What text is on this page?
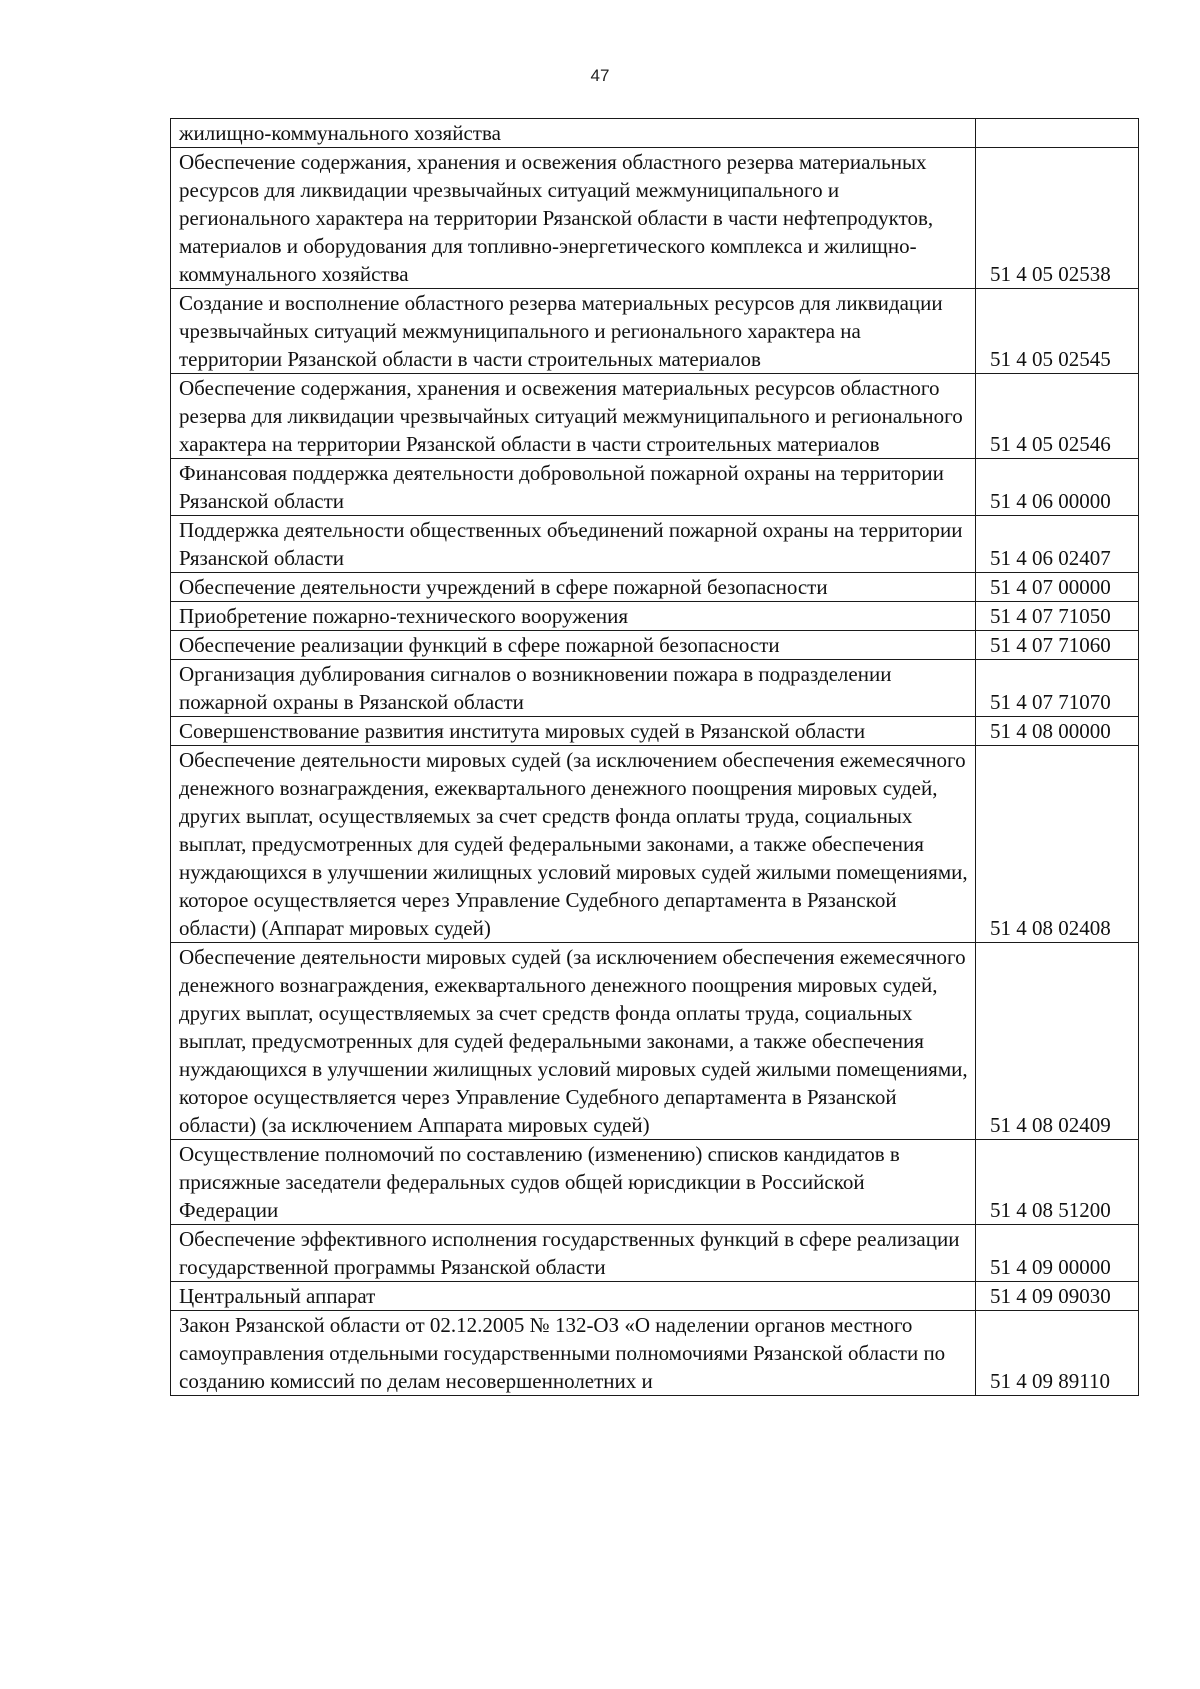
47
жилищно-коммунального хозяйства	
Обеспечение содержания, хранения и освежения областного резерва материальных ресурсов для ликвидации чрезвычайных ситуаций межмуниципального и регионального характера на территории Рязанской области в части нефтепродуктов, материалов и оборудования для топливно-энергетического комплекса и жилищно-коммунального хозяйства	51 4 05 02538
Создание и восполнение областного резерва материальных ресурсов для ликвидации чрезвычайных ситуаций межмуниципального и регионального характера на территории Рязанской области в части строительных материалов	51 4 05 02545
Обеспечение содержания, хранения и освежения материальных ресурсов областного резерва для ликвидации чрезвычайных ситуаций межмуниципального и регионального характера на территории Рязанской области в части строительных материалов	51 4 05 02546
Финансовая поддержка деятельности добровольной пожарной охраны на территории Рязанской области	51 4 06 00000
Поддержка деятельности общественных объединений пожарной охраны на территории Рязанской области	51 4 06 02407
Обеспечение деятельности учреждений в сфере пожарной безопасности	51 4 07 00000
Приобретение пожарно-технического вооружения	51 4 07 71050
Обеспечение реализации функций в сфере пожарной безопасности	51 4 07 71060
Организация дублирования сигналов о возникновении пожара в подразделении пожарной охраны в Рязанской области	51 4 07 71070
Совершенствование развития института мировых судей в Рязанской области	51 4 08 00000
Обеспечение деятельности мировых судей (за исключением обеспечения ежемесячного денежного вознаграждения, ежеквартального денежного поощрения мировых судей, других выплат, осуществляемых за счет средств фонда оплаты труда, социальных выплат, предусмотренных для судей федеральными законами, а также обеспечения нуждающихся в улучшении жилищных условий мировых судей жилыми помещениями, которое осуществляется через Управление Судебного департамента в Рязанской области) (Аппарат мировых судей)	51 4 08 02408
Обеспечение деятельности мировых судей (за исключением обеспечения ежемесячного денежного вознаграждения, ежеквартального денежного поощрения мировых судей, других выплат, осуществляемых за счет средств фонда оплаты труда, социальных выплат, предусмотренных для судей федеральными законами, а также обеспечения нуждающихся в улучшении жилищных условий мировых судей жилыми помещениями, которое осуществляется через Управление Судебного департамента в Рязанской области) (за исключением Аппарата мировых судей)	51 4 08 02409
Осуществление полномочий по составлению (изменению) списков кандидатов в присяжные заседатели федеральных судов общей юрисдикции в Российской Федерации	51 4 08 51200
Обеспечение эффективного исполнения государственных функций в сфере реализации государственной программы Рязанской области	51 4 09 00000
Центральный аппарат	51 4 09 09030
Закон Рязанской области от 02.12.2005 № 132-ОЗ «О наделении органов местного самоуправления отдельными государственными полномочиями Рязанской области по созданию комиссий по делам несовершеннолетних и	51 4 09 89110
